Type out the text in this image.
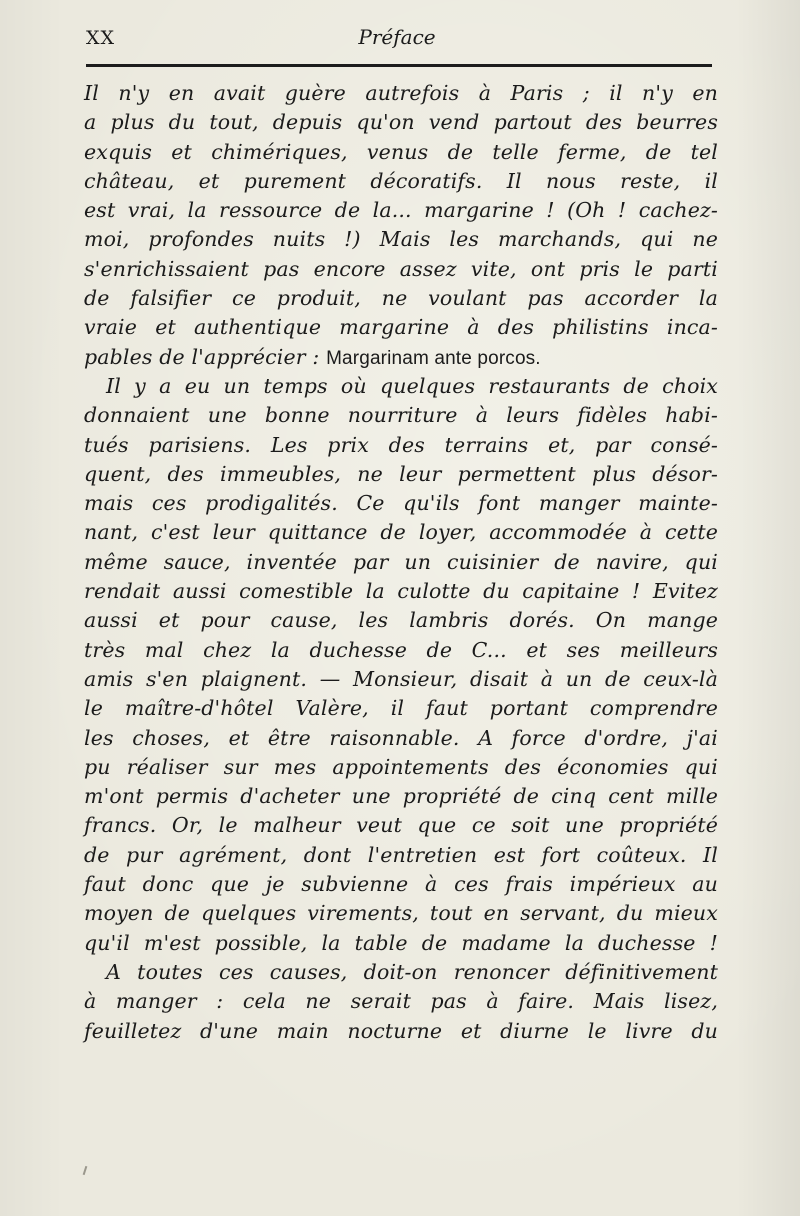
XX	Préface
Il n'y en avait guère autrefois à Paris ; il n'y en
a plus du tout, depuis qu'on vend partout des beurres
exquis et chimériques, venus de telle ferme, de tel
château, et purement décoratifs. Il nous reste, il
est vrai, la ressource de la... margarine ! (Oh ! cachez-
moi, profondes nuits !) Mais les marchands, qui ne
s'enrichissaient pas encore assez vite, ont pris le parti
de falsifier ce produit, ne voulant pas accorder la
vraie et authentique margarine à des philistins inca-
pables de l'apprécier : Margarinam ante porcos.
Il y a eu un temps où quelques restaurants de choix
donnaient une bonne nourriture à leurs fidèles habi-
tués parisiens. Les prix des terrains et, par consé-
quent, des immeubles, ne leur permettent plus désor-
mais ces prodigalités. Ce qu'ils font manger mainte-
nant, c'est leur quittance de loyer, accommodée à cette
même sauce, inventée par un cuisinier de navire, qui
rendait aussi comestible la culotte du capitaine ! Evitez
aussi et pour cause, les lambris dorés. On mange
très mal chez la duchesse de C... et ses meilleurs
amis s'en plaignent. — Monsieur, disait à un de ceux-là
le maître-d'hôtel Valère, il faut portant comprendre
les choses, et être raisonnable. A force d'ordre, j'ai
pu réaliser sur mes appointements des économies qui
m'ont permis d'acheter une propriété de cinq cent mille
francs. Or, le malheur veut que ce soit une propriété
de pur agrément, dont l'entretien est fort coûteux. Il
faut donc que je subvienne à ces frais impérieux au
moyen de quelques virements, tout en servant, du mieux
qu'il m'est possible, la table de madame la duchesse !
A toutes ces causes, doit-on renoncer définitivement
à manger : cela ne serait pas à faire. Mais lisez,
feuilletez d'une main nocturne et diurne le livre du
